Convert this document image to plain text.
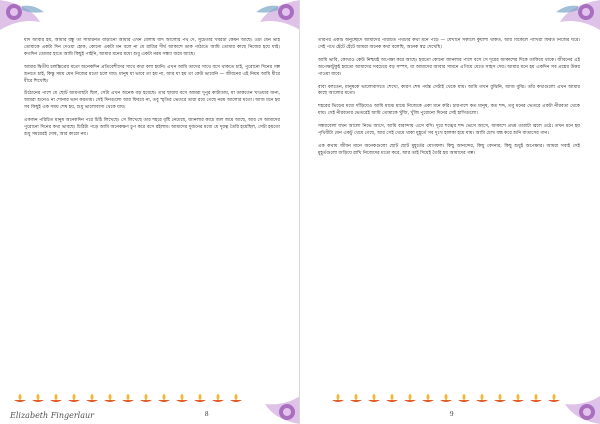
যদি আবার হয়, আমার বন্ধু তা সাধারনত বাড়ানো আমার এখন বেলায় যদি আলোর পথ দে, সুচেতার খবরটা কেমন আছে। ওটা যেন ভাই তোমাকে একটা দিন দেওয়া হোক, কোনো একটা মন বলে না যে রাত্রির দীর্ঘ আকাশে ডাক পাঠাতে আমি তোমার কাছে নিজের হয়ে যাই। কতদিন তোমার হাতে আমি কিছুই পাইনি, আমার মনের মধ্যে শুধু একটা নরম সন্ধ্যা জমে আছে।

আমার দ্বিতীয় চলচ্চিত্রের মতো অনেকদিন প্রতিবেশীদের সাথে কথা বলা হয়নি। এখন আমি তাদের সাথে বসে থাকতে চাই, পুরোনো দিনের গল্প শুনতে চাই, কিন্তু সময় যেন নিজের মতো চলে যায়। মানুষ যা ভাবে তা হয় না, আর যা হয় তা কেউ ভাবেনি — জীবনের এই নিয়ম আমি ধীরে ধীরে শিখেছি।

উঠোনের পাশে যে ছোট আমগাছটা ছিল, সেটা এখন অনেক বড় হয়েছে। তার ছায়ায় বসে আমরা দুপুর কাটাতাম, মা ডাকতেন খাওয়ার জন্য, আমরা শুনেও না শোনার ভান করতাম। সেই দিনগুলো আর ফিরবে না, তবু স্মৃতির ভেতরে তারা রয়ে গেছে নরম আলোর মতো। আজ মনে হয় সব কিছুই এক সময় শেষ হয়, শুধু ভালোবাসা থেকে যায়।

একজন পরিচিত মানুষ অনেকদিন পরে চিঠি লিখেছে। সে লিখেছে তার শহরে বৃষ্টি নেমেছে, জানলার কাচে জল জমে আছে, আর সে আমাদের পুরোনো দিনের কথা ভাবছে। চিঠিটা পড়ে আমি অনেকক্ষণ চুপ করে বসে রইলাম। আমাদের দুজনের মধ্যে যে দূরত্ব তৈরি হয়েছিল, সেটা হয়তো শুধু সময়েরই দোষ, আর কারো নয়।

Elizabeth Fingerlaur	8

তারপর একটি অনুচ্ছেদে আমাদের পরিচিত পথটার কথা মনে পড়ে — যেখানে সকালে কুয়াশা থাকত, আর বিকেলে পাখিরা ফিরত নিজের ঘরে। সেই পথে হেঁটে হেঁটে আমরা অনেক কথা বলেছি, অনেক স্বপ্ন দেখেছি।

আমি ভাবি, কোথাও কেউ নিশ্চয়ই অপেক্ষা করে আছে। হয়তো কোনো জানলার পাশে বসে সে দূরের আকাশের দিকে তাকিয়ে থাকে। জীবনের এই অপেক্ষাটুকুই হয়তো আমাদের সবচেয়ে বড় সম্পদ, যা আমাদের আবার সামনে এগিয়ে যেতে সাহস দেয়। আমার মনে হয় একদিন সব প্রশ্নের উত্তর পাওয়া যাবে।

বাবা বলতেন, মানুষকে ভালোবাসতে শেখো, কারণ শেষ পর্যন্ত সেটাই থেকে যায়। আমি তখন বুঝিনি, আজ বুঝি। তাঁর কথাগুলো এখন আমার কাছে আলোর মতো।

শহরের ভিড়ের মধ্যে দাঁড়িয়েও আমি মাঝে মাঝে নিজেকে একা মনে করি। চারপাশে কত মানুষ, কত শব্দ, তবু মনের ভেতরে একটা নীরবতা থেকে যায়। সেই নীরবতার ভেতরেই আমি তোমাকে খুঁজি, খুঁজি পুরোনো দিনের সেই হাসিগুলো।

সন্ধ্যাবেলা যখন আলো নিভে আসে, আমি বারান্দায় এসে বসি। দূরে শঙ্খের শব্দ ভেসে আসে, আকাশে প্রথম তারাটা জ্বলে ওঠে। তখন মনে হয় পৃথিবীটা যেন একটু থেমে গেছে, আর সেই থেমে থাকা মুহূর্তে সব দুঃখ হালকা হয়ে যায়। আমি চোখ বন্ধ করে শুনি বাতাসের গান।

এক কথায় জীবন মানে অনেকগুলো ছোট ছোট মুহূর্তের যোগফল। কিছু আনন্দের, কিছু বেদনার, কিছু শুধুই অপেক্ষার। আমরা সবাই সেই মুহূর্তগুলো জড়িয়ে রাখি নিজেদের মতো করে, আর তাই দিয়েই তৈরি হয় আমাদের গল্প।

9
